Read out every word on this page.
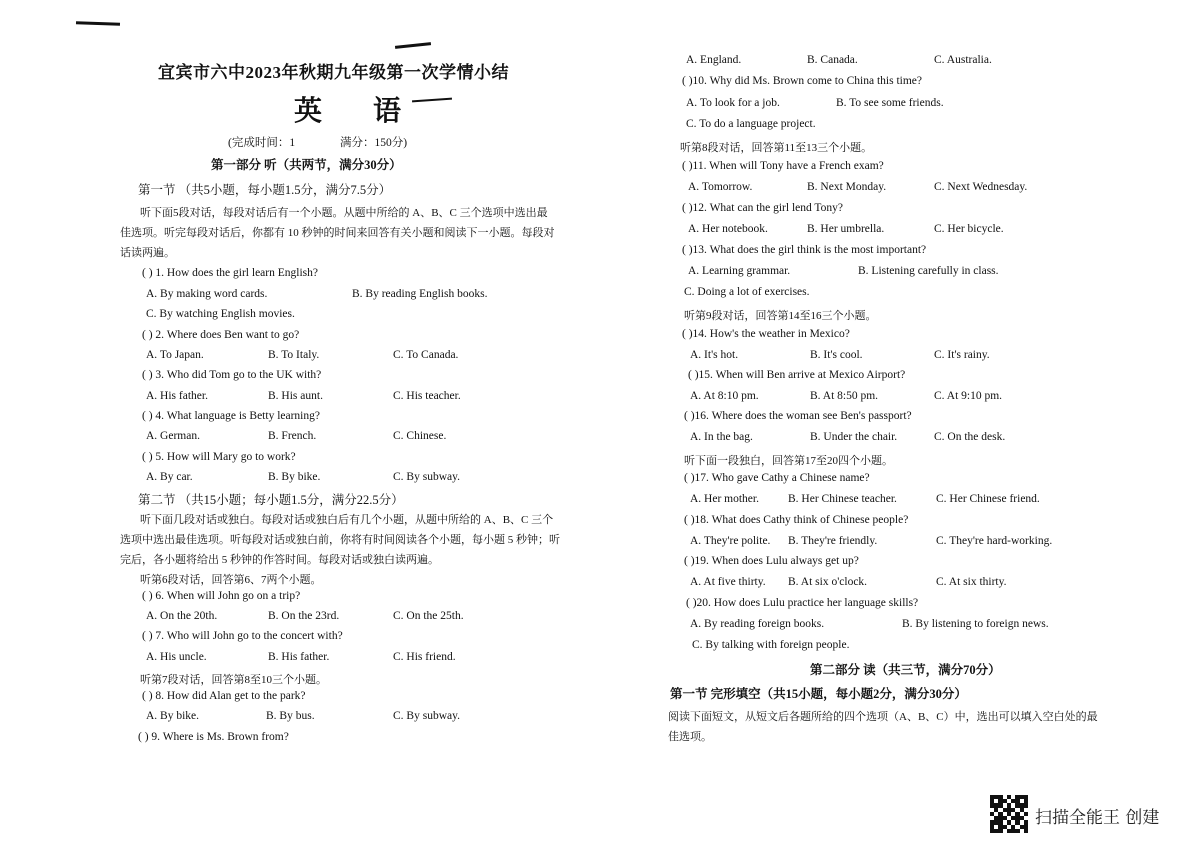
宜宾市六中2023年秋期九年级第一次学情小结
英 语
(完成时间：1	满分：150分)
第一部分 听（共两节，满分30分）
第一节 （共5小题，每小题1.5分，满分7.5分）
听下面5段对话，每段对话后有一个小题。从题中所给的 A、B、C 三个选项中选出最
佳选项。听完每段对话后，你都有 10 秒钟的时间来回答有关小题和阅读下一小题。每段对
话读两遍。
( ) 1. How does the girl learn English?
A. By making word cards.	B. By reading English books.
C. By watching English movies.
( ) 2. Where does Ben want to go?
A. To Japan.	B. To Italy.	C. To Canada.
( ) 3. Who did Tom go to the UK with?
A. His father.	B. His aunt.	C. His teacher.
( ) 4. What language is Betty learning?
A. German.	B. French.	C. Chinese.
( ) 5. How will Mary go to work?
A. By car.	B. By bike.	C. By subway.
第二节 （共15小题；每小题1.5分，满分22.5分）
听下面几段对话或独白。每段对话或独白后有几个小题，从题中所给的 A、B、C 三个
选项中选出最佳选项。听每段对话或独白前，你将有时间阅读各个小题，每小题 5 秒钟；听
完后，各小题将给出 5 秒钟的作答时间。每段对话或独白读两遍。
听第6段对话，回答第6、7两个小题。
( ) 6. When will John go on a trip?
A. On the 20th.	B. On the 23rd.	C. On the 25th.
( ) 7. Who will John go to the concert with?
A. His uncle.	B. His father.	C. His friend.
听第7段对话，回答第8至10三个小题。
( ) 8. How did Alan get to the park?
A. By bike.	B. By bus.	C. By subway.
( ) 9. Where is Ms. Brown from?
A. England.	B. Canada.	C. Australia.
( )10. Why did Ms. Brown come to China this time?
A. To look for a job.	B. To see some friends.
C. To do a language project.
听第8段对话，回答第11至13三个小题。
( )11. When will Tony have a French exam?
A. Tomorrow.	B. Next Monday.	C. Next Wednesday.
( )12. What can the girl lend Tony?
A. Her notebook.	B. Her umbrella.	C. Her bicycle.
( )13. What does the girl think is the most important?
A. Learning grammar.	B. Listening carefully in class.
C. Doing a lot of exercises.
听第9段对话，回答第14至16三个小题。
( )14. How's the weather in Mexico?
A. It's hot.	B. It's cool.	C. It's rainy.
( )15. When will Ben arrive at Mexico Airport?
A. At 8:10 pm.	B. At 8:50 pm.	C. At 9:10 pm.
( )16. Where does the woman see Ben's passport?
A. In the bag.	B. Under the chair.	C. On the desk.
听下面一段独白，回答第17至20四个小题。
( )17. Who gave Cathy a Chinese name?
A. Her mother.	B. Her Chinese teacher.	C. Her Chinese friend.
( )18. What does Cathy think of Chinese people?
A. They're polite. B. They're friendly.	C. They're hard-working.
( )19. When does Lulu always get up?
A. At five thirty. B. At six o'clock.	C. At six thirty.
( )20. How does Lulu practice her language skills?
A. By reading foreign books.	B. By listening to foreign news.
C. By talking with foreign people.
第二部分 读（共三节，满分70分）
第一节 完形填空（共15小题，每小题2分，满分30分）
阅读下面短文，从短文后各题所给的四个选项（A、B、C）中，选出可以填入空白处的最
佳选项。
扫描全能王 创建
